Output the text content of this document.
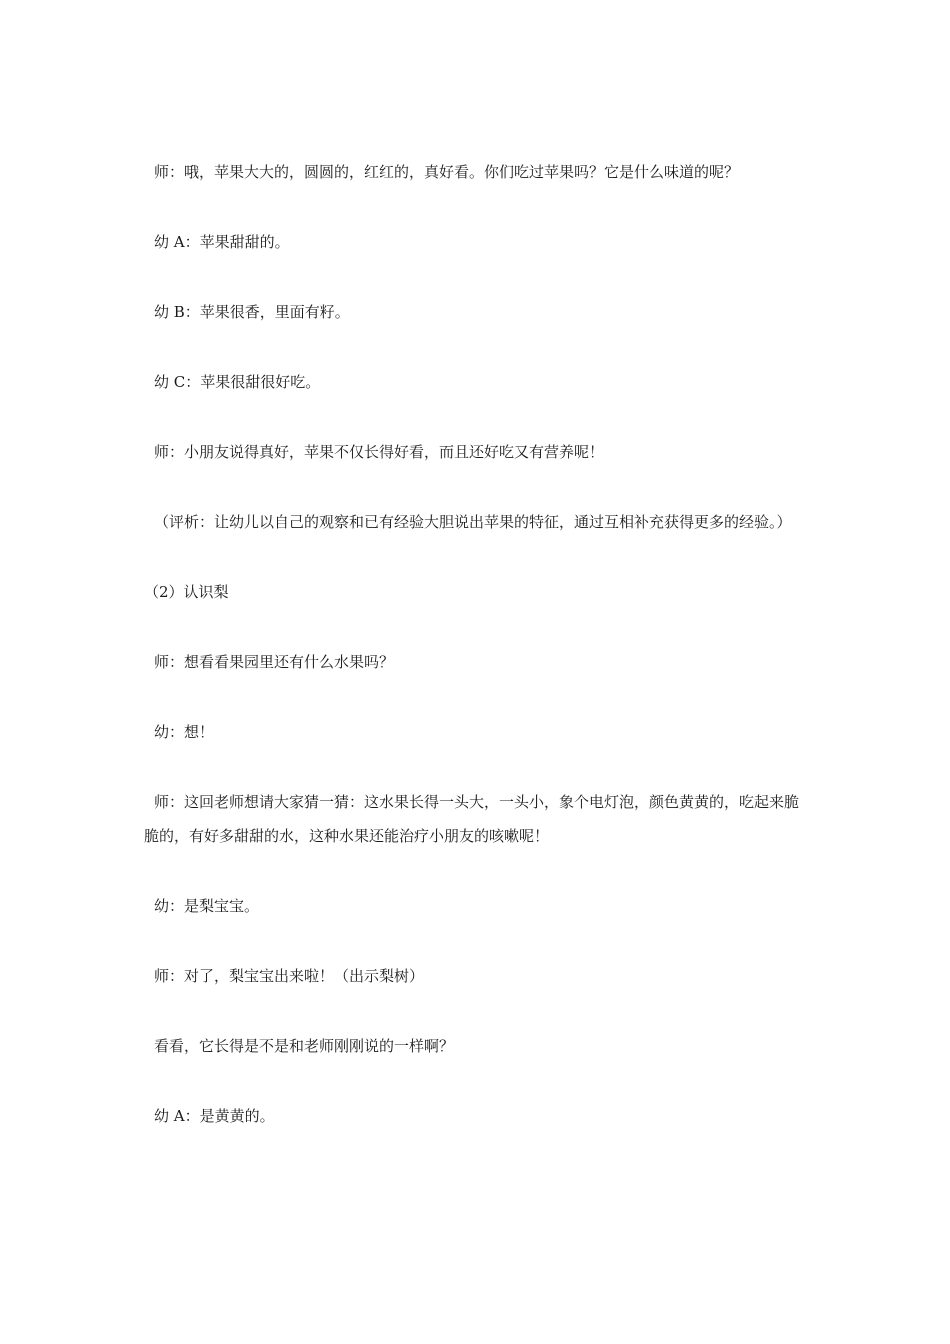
师：哦，苹果大大的，圆圆的，红红的，真好看。你们吃过苹果吗？它是什么味道的呢？

幼 A：苹果甜甜的。

幼 B：苹果很香，里面有籽。

幼 C：苹果很甜很好吃。

师：小朋友说得真好，苹果不仅长得好看，而且还好吃又有营养呢！

（评析：让幼儿以自己的观察和已有经验大胆说出苹果的特征，通过互相补充获得更多的经验。）

（2）认识梨

师：想看看果园里还有什么水果吗？

幼：想！

师：这回老师想请大家猜一猜：这水果长得一头大，一头小，象个电灯泡，颜色黄黄的，吃起来脆脆的，有好多甜甜的水，这种水果还能治疗小朋友的咳嗽呢！

幼：是梨宝宝。

师：对了，梨宝宝出来啦！（出示梨树）

看看，它长得是不是和老师刚刚说的一样啊？

幼 A：是黄黄的。
